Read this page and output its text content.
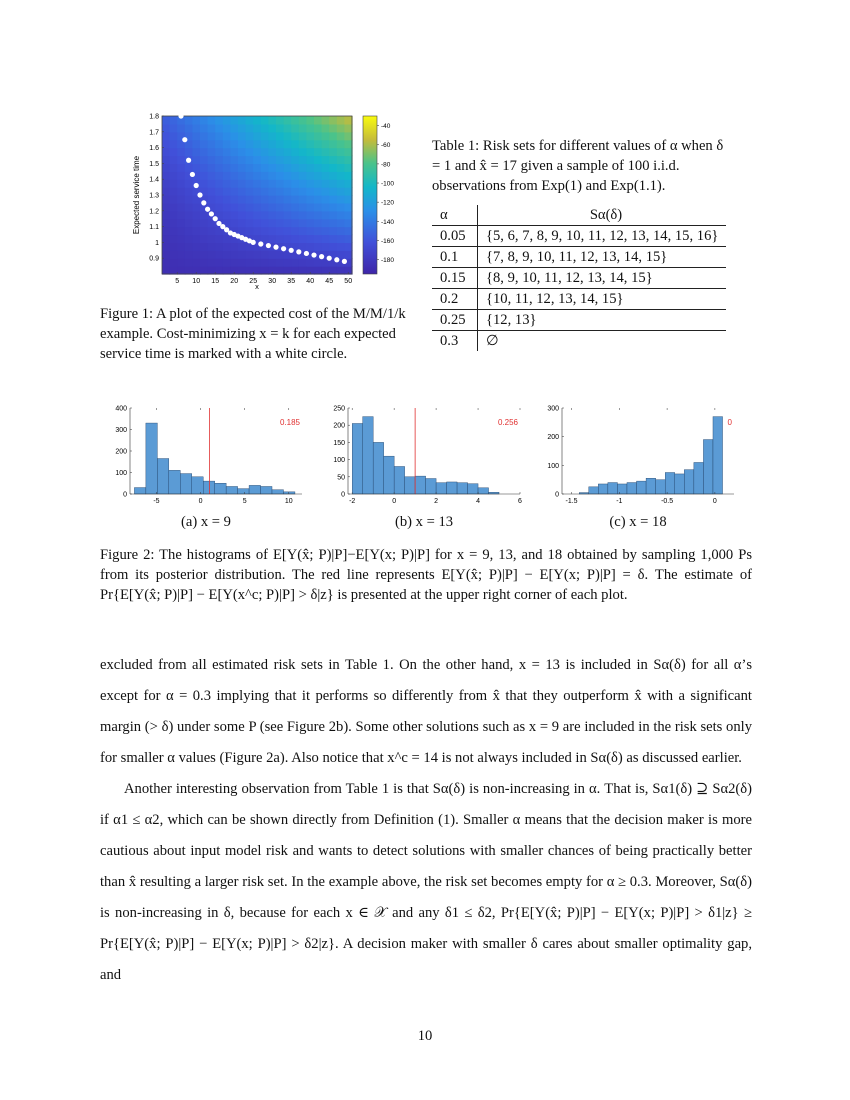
5 10 15 20 25 30 35 40 45 50
0.9
1
1.1
1.2
1.3
1.4
1.5
1.6
1.7
1.8
Expected service time
x
-40
-60
-80
-100
-120
-140
-160
-180
Figure 1: A plot of the expected cost of the M/M/1/k example. Cost-minimizing x = k for each expected service time is marked with a white circle.
Table 1: Risk sets for different values of α when δ = 1 and x̂ = 17 given a sample of 100 i.i.d. observations from Exp(1) and Exp(1.1).
α	Sα(δ)
0.05	{5, 6, 7, 8, 9, 10, 11, 12, 13, 14, 15, 16}
0.1	{7, 8, 9, 10, 11, 12, 13, 14, 15}
0.15	{8, 9, 10, 11, 12, 13, 14, 15}
0.2	{10, 11, 12, 13, 14, 15}
0.25	{12, 13}
0.3	∅
-5	0	5	10
0
100
200
300
400
0.185
-2	0	2	4	6
0
50
100
150
200
250
0.256
-1.5	-1	-0.5	0
0
100
200
300
0
(a) x = 9	(b) x = 13	(c) x = 18
Figure 2: The histograms of E[Y(x̂; P)|P]−E[Y(x; P)|P] for x = 9, 13, and 18 obtained by sampling 1,000 Ps from its posterior distribution. The red line represents E[Y(x̂; P)|P] − E[Y(x; P)|P] = δ. The estimate of Pr{E[Y(x̂; P)|P] − E[Y(x^c; P)|P] > δ|z} is presented at the upper right corner of each plot.

excluded from all estimated risk sets in Table 1. On the other hand, x = 13 is included in Sα(δ) for all α’s except for α = 0.3 implying that it performs so differently from x̂ that they outperform x̂ with a significant margin (> δ) under some P (see Figure 2b). Some other solutions such as x = 9 are included in the risk sets only for smaller α values (Figure 2a). Also notice that x^c = 14 is not always included in Sα(δ) as discussed earlier.

Another interesting observation from Table 1 is that Sα(δ) is non-increasing in α. That is, Sα1(δ) ⊇ Sα2(δ) if α1 ≤ α2, which can be shown directly from Definition (1). Smaller α means that the decision maker is more cautious about input model risk and wants to detect solutions with smaller chances of being practically better than x̂ resulting a larger risk set. In the example above, the risk set becomes empty for α ≥ 0.3. Moreover, Sα(δ) is non-increasing in δ, because for each x ∈ 𝒳 and any δ1 ≤ δ2, Pr{E[Y(x̂; P)|P] − E[Y(x; P)|P] > δ1|z} ≥ Pr{E[Y(x̂; P)|P] − E[Y(x; P)|P] > δ2|z}. A decision maker with smaller δ cares about smaller optimality gap, and

10
